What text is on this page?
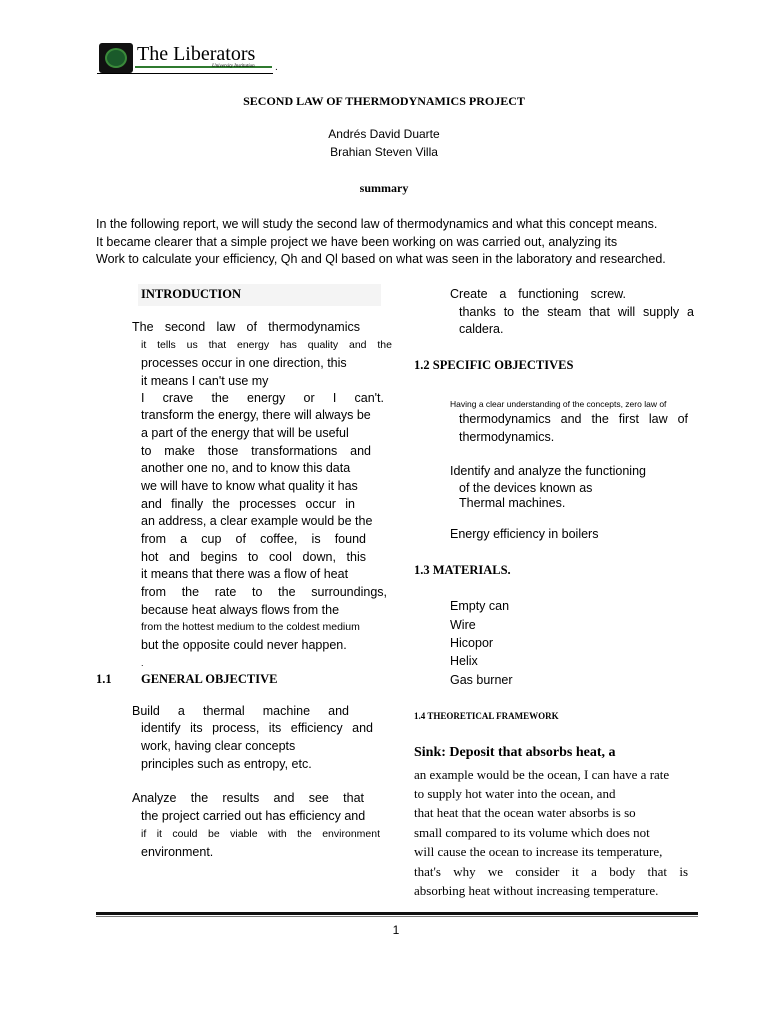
The Liberators
University Institution .
SECOND LAW OF THERMODYNAMICS PROJECT
Andrés David Duarte
Brahian Steven Villa
summary
In the following report, we will study the second law of thermodynamics and what this concept means.
It became clearer that a simple project we have been working on was carried out, analyzing its
Work to calculate your efficiency, Qh and Ql based on what was seen in the laboratory and researched.
INTRODUCTION
The second law of thermodynamics
it tells us that energy has quality and the
processes occur in one direction, this
it means I can't use my
I crave the energy or I can't.
transform the energy, there will always be
a part of the energy that will be useful
to make those transformations and
another one no, and to know this data
we will have to know what quality it has
and finally the processes occur in
an address, a clear example would be the
from a cup of coffee, is found
hot and begins to cool down, this
it means that there was a flow of heat
from the rate to the surroundings,
because heat always flows from the
from the hottest medium to the coldest medium
but the opposite could never happen.
.
1.1 GENERAL OBJECTIVE
Build a thermal machine and
identify its process, its efficiency and
work, having clear concepts
principles such as entropy, etc.
Analyze the results and see that
the project carried out has efficiency and
if it could be viable with the environment
environment.
Create a functioning screw.
thanks to the steam that will supply a
caldera.
1.2 SPECIFIC OBJECTIVES
Having a clear understanding of the concepts, zero law of
thermodynamics and the first law of
thermodynamics.
Identify and analyze the functioning
of the devices known as
Thermal machines.
Energy efficiency in boilers
1.3 MATERIALS.
Empty can
Wire
Hicopor
Helix
Gas burner
1.4 THEORETICAL FRAMEWORK
Sink: Deposit that absorbs heat, a
an example would be the ocean, I can have a rate
to supply hot water into the ocean, and
that heat that the ocean water absorbs is so
small compared to its volume which does not
will cause the ocean to increase its temperature,
that's why we consider it a body that is
absorbing heat without increasing temperature.
1
